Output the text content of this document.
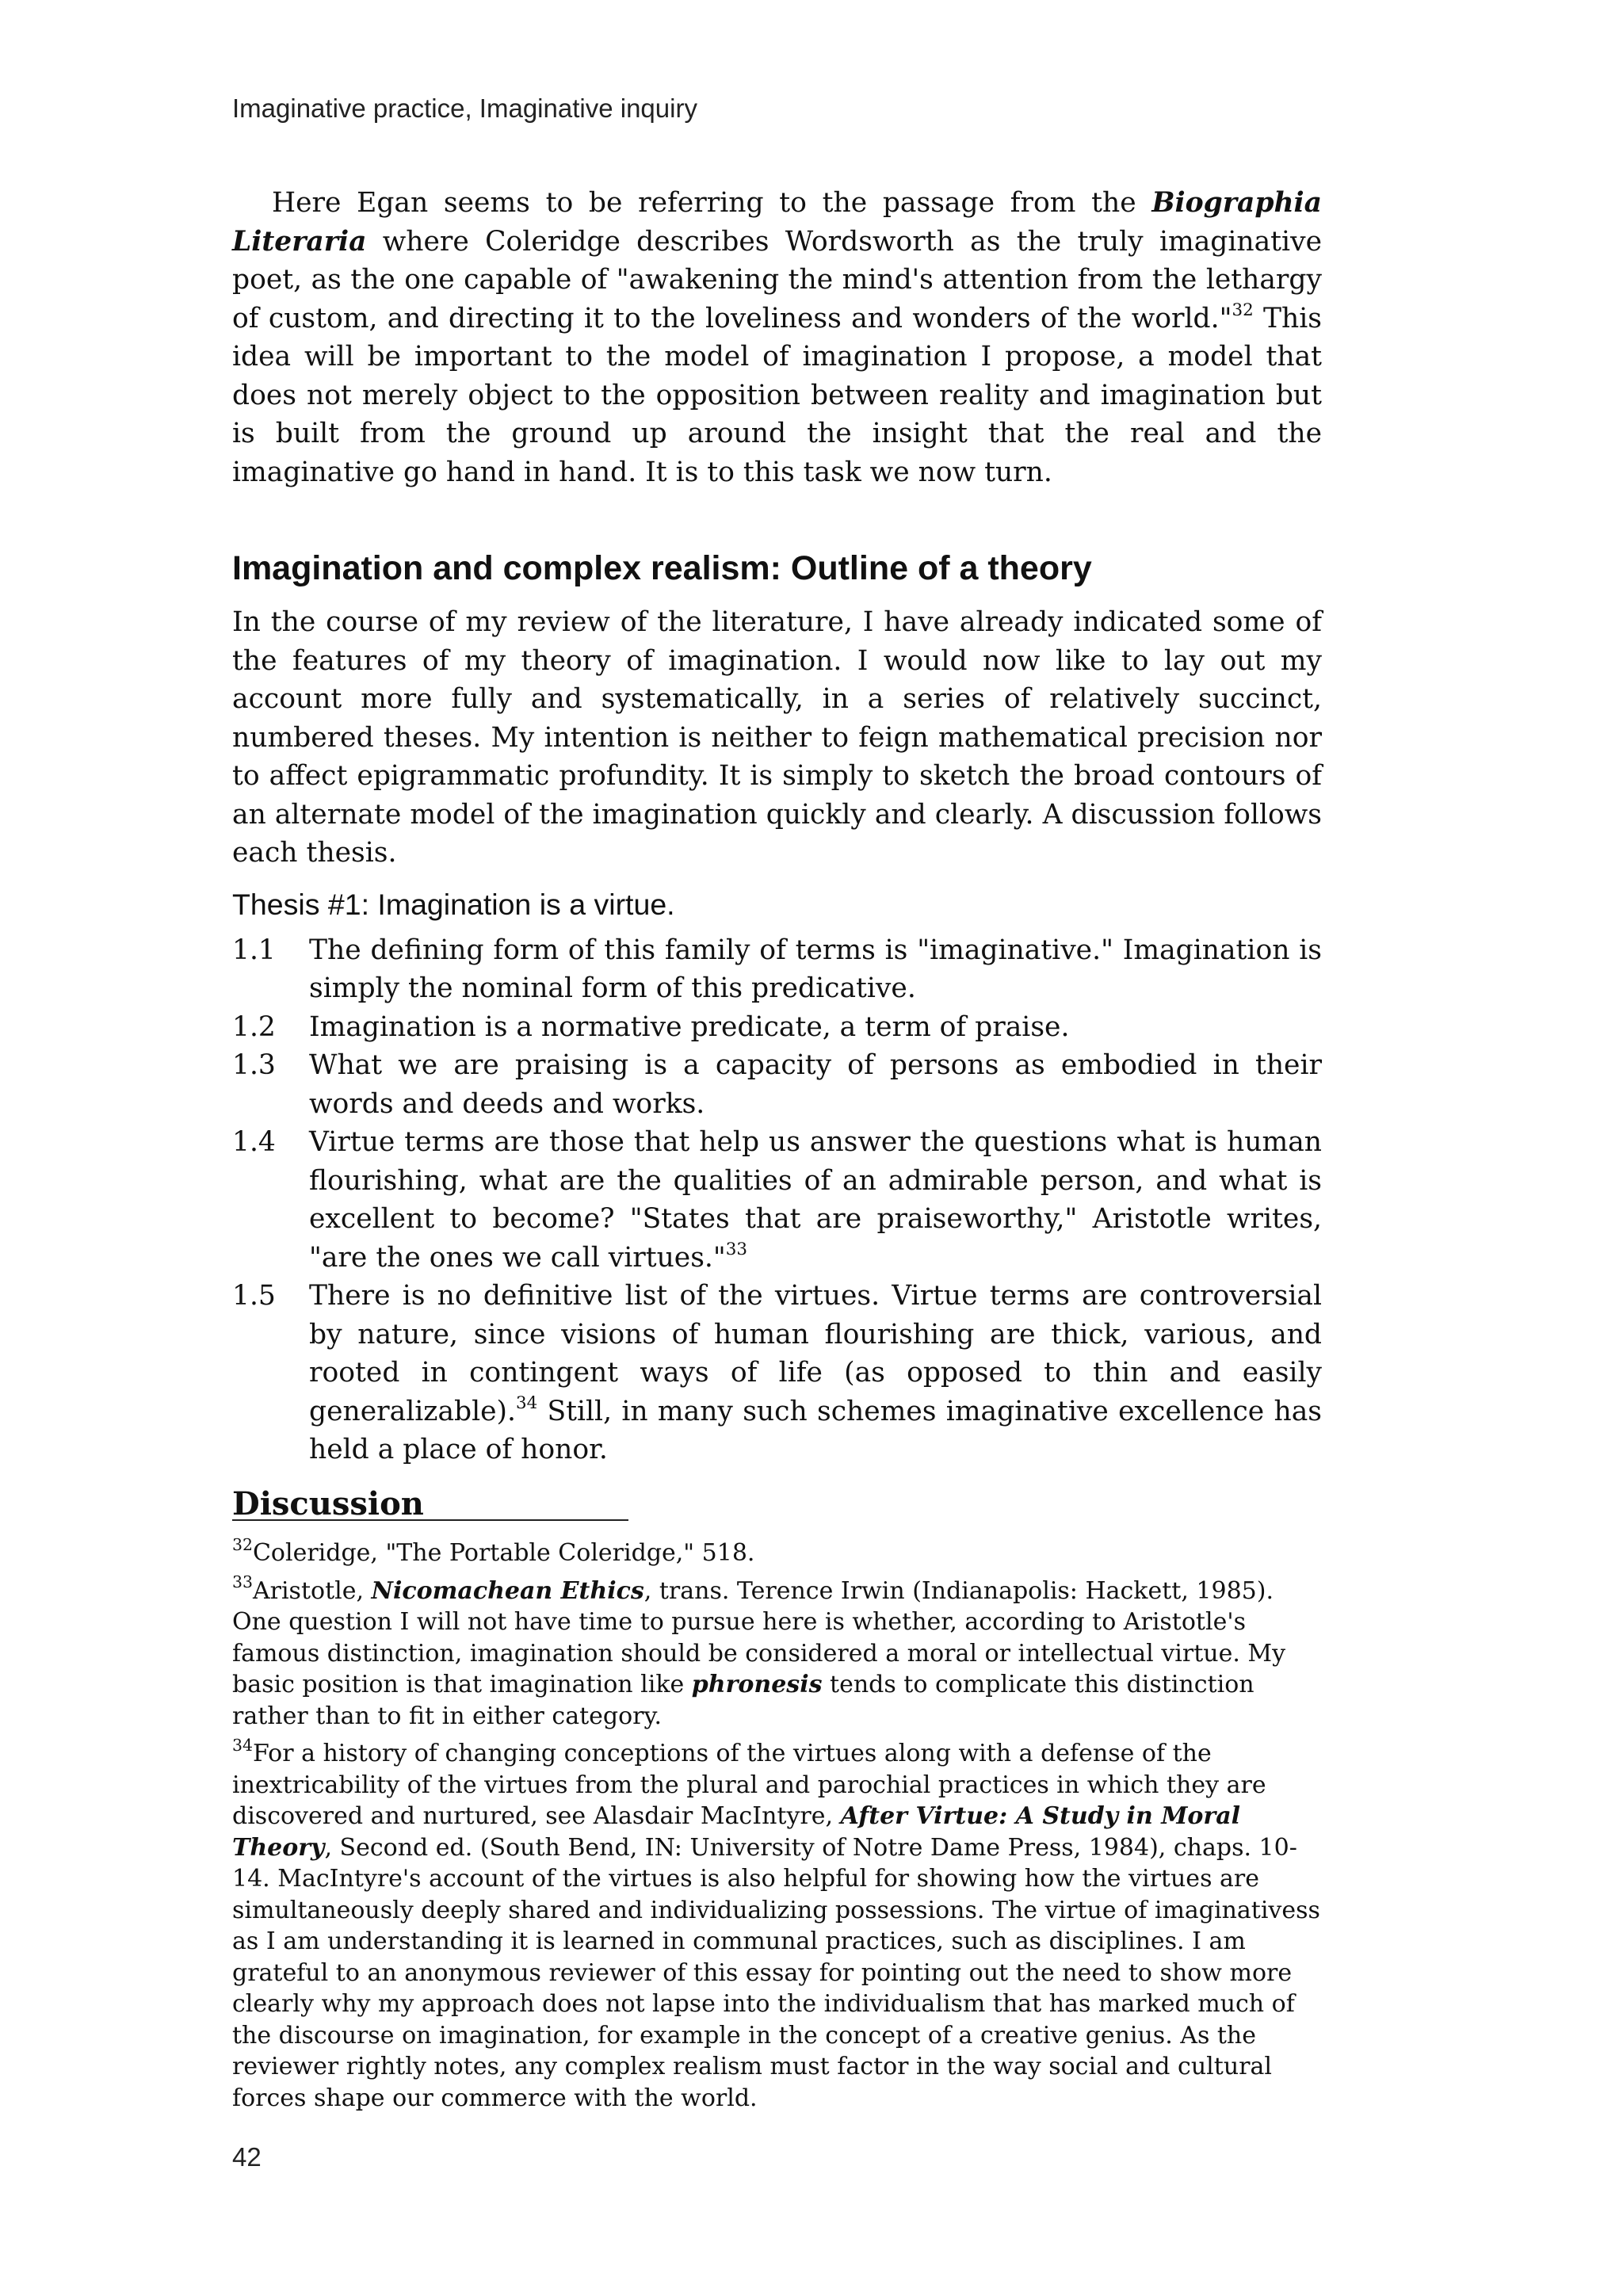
Imaginative practice, Imaginative inquiry

Here Egan seems to be referring to the passage from the Biographia Literaria where Coleridge describes Wordsworth as the truly imaginative poet, as the one capable of "awakening the mind's attention from the lethargy of custom, and directing it to the loveliness and wonders of the world."$^{32}$ This idea will be important to the model of imagination I propose, a model that does not merely object to the opposition between reality and imagination but is built from the ground up around the insight that the real and the imaginative go hand in hand. It is to this task we now turn.

Imagination and complex realism: Outline of a theory

In the course of my review of the literature, I have already indicated some of the features of my theory of imagination. I would now like to lay out my account more fully and systematically, in a series of relatively succinct, numbered theses. My intention is neither to feign mathematical precision nor to affect epigrammatic profundity. It is simply to sketch the broad contours of an alternate model of the imagination quickly and clearly. A discussion follows each thesis.

Thesis #1: Imagination is a virtue.
1.1	The defining form of this family of terms is "imaginative." Imagination is simply the nominal form of this predicative.
1.2	Imagination is a normative predicate, a term of praise.
1.3	What we are praising is a capacity of persons as embodied in their words and deeds and works.
1.4	Virtue terms are those that help us answer the questions what is human flourishing, what are the qualities of an admirable person, and what is excellent to become? "States that are praiseworthy," Aristotle writes, "are the ones we call virtues."$^{33}$
1.5	There is no definitive list of the virtues. Virtue terms are controversial by nature, since visions of human flourishing are thick, various, and rooted in contingent ways of life (as opposed to thin and easily generalizable).$^{34}$ Still, in many such schemes imaginative excellence has held a place of honor.
Discussion

$^{32}$Coleridge, "The Portable Coleridge," 518.

$^{33}$Aristotle, Nicomachean Ethics, trans. Terence Irwin (Indianapolis: Hackett, 1985). One question I will not have time to pursue here is whether, according to Aristotle's famous distinction, imagination should be considered a moral or intellectual virtue. My basic position is that imagination like phronesis tends to complicate this distinction rather than to fit in either category.

$^{34}$For a history of changing conceptions of the virtues along with a defense of the inextricability of the virtues from the plural and parochial practices in which they are discovered and nurtured, see Alasdair MacIntyre, After Virtue: A Study in Moral Theory, Second ed. (South Bend, IN: University of Notre Dame Press, 1984), chaps. 10-14. MacIntyre's account of the virtues is also helpful for showing how the virtues are simultaneously deeply shared and individualizing possessions. The virtue of imaginativess as I am understanding it is learned in communal practices, such as disciplines. I am grateful to an anonymous reviewer of this essay for pointing out the need to show more clearly why my approach does not lapse into the individualism that has marked much of the discourse on imagination, for example in the concept of a creative genius. As the reviewer rightly notes, any complex realism must factor in the way social and cultural forces shape our commerce with the world.

42
